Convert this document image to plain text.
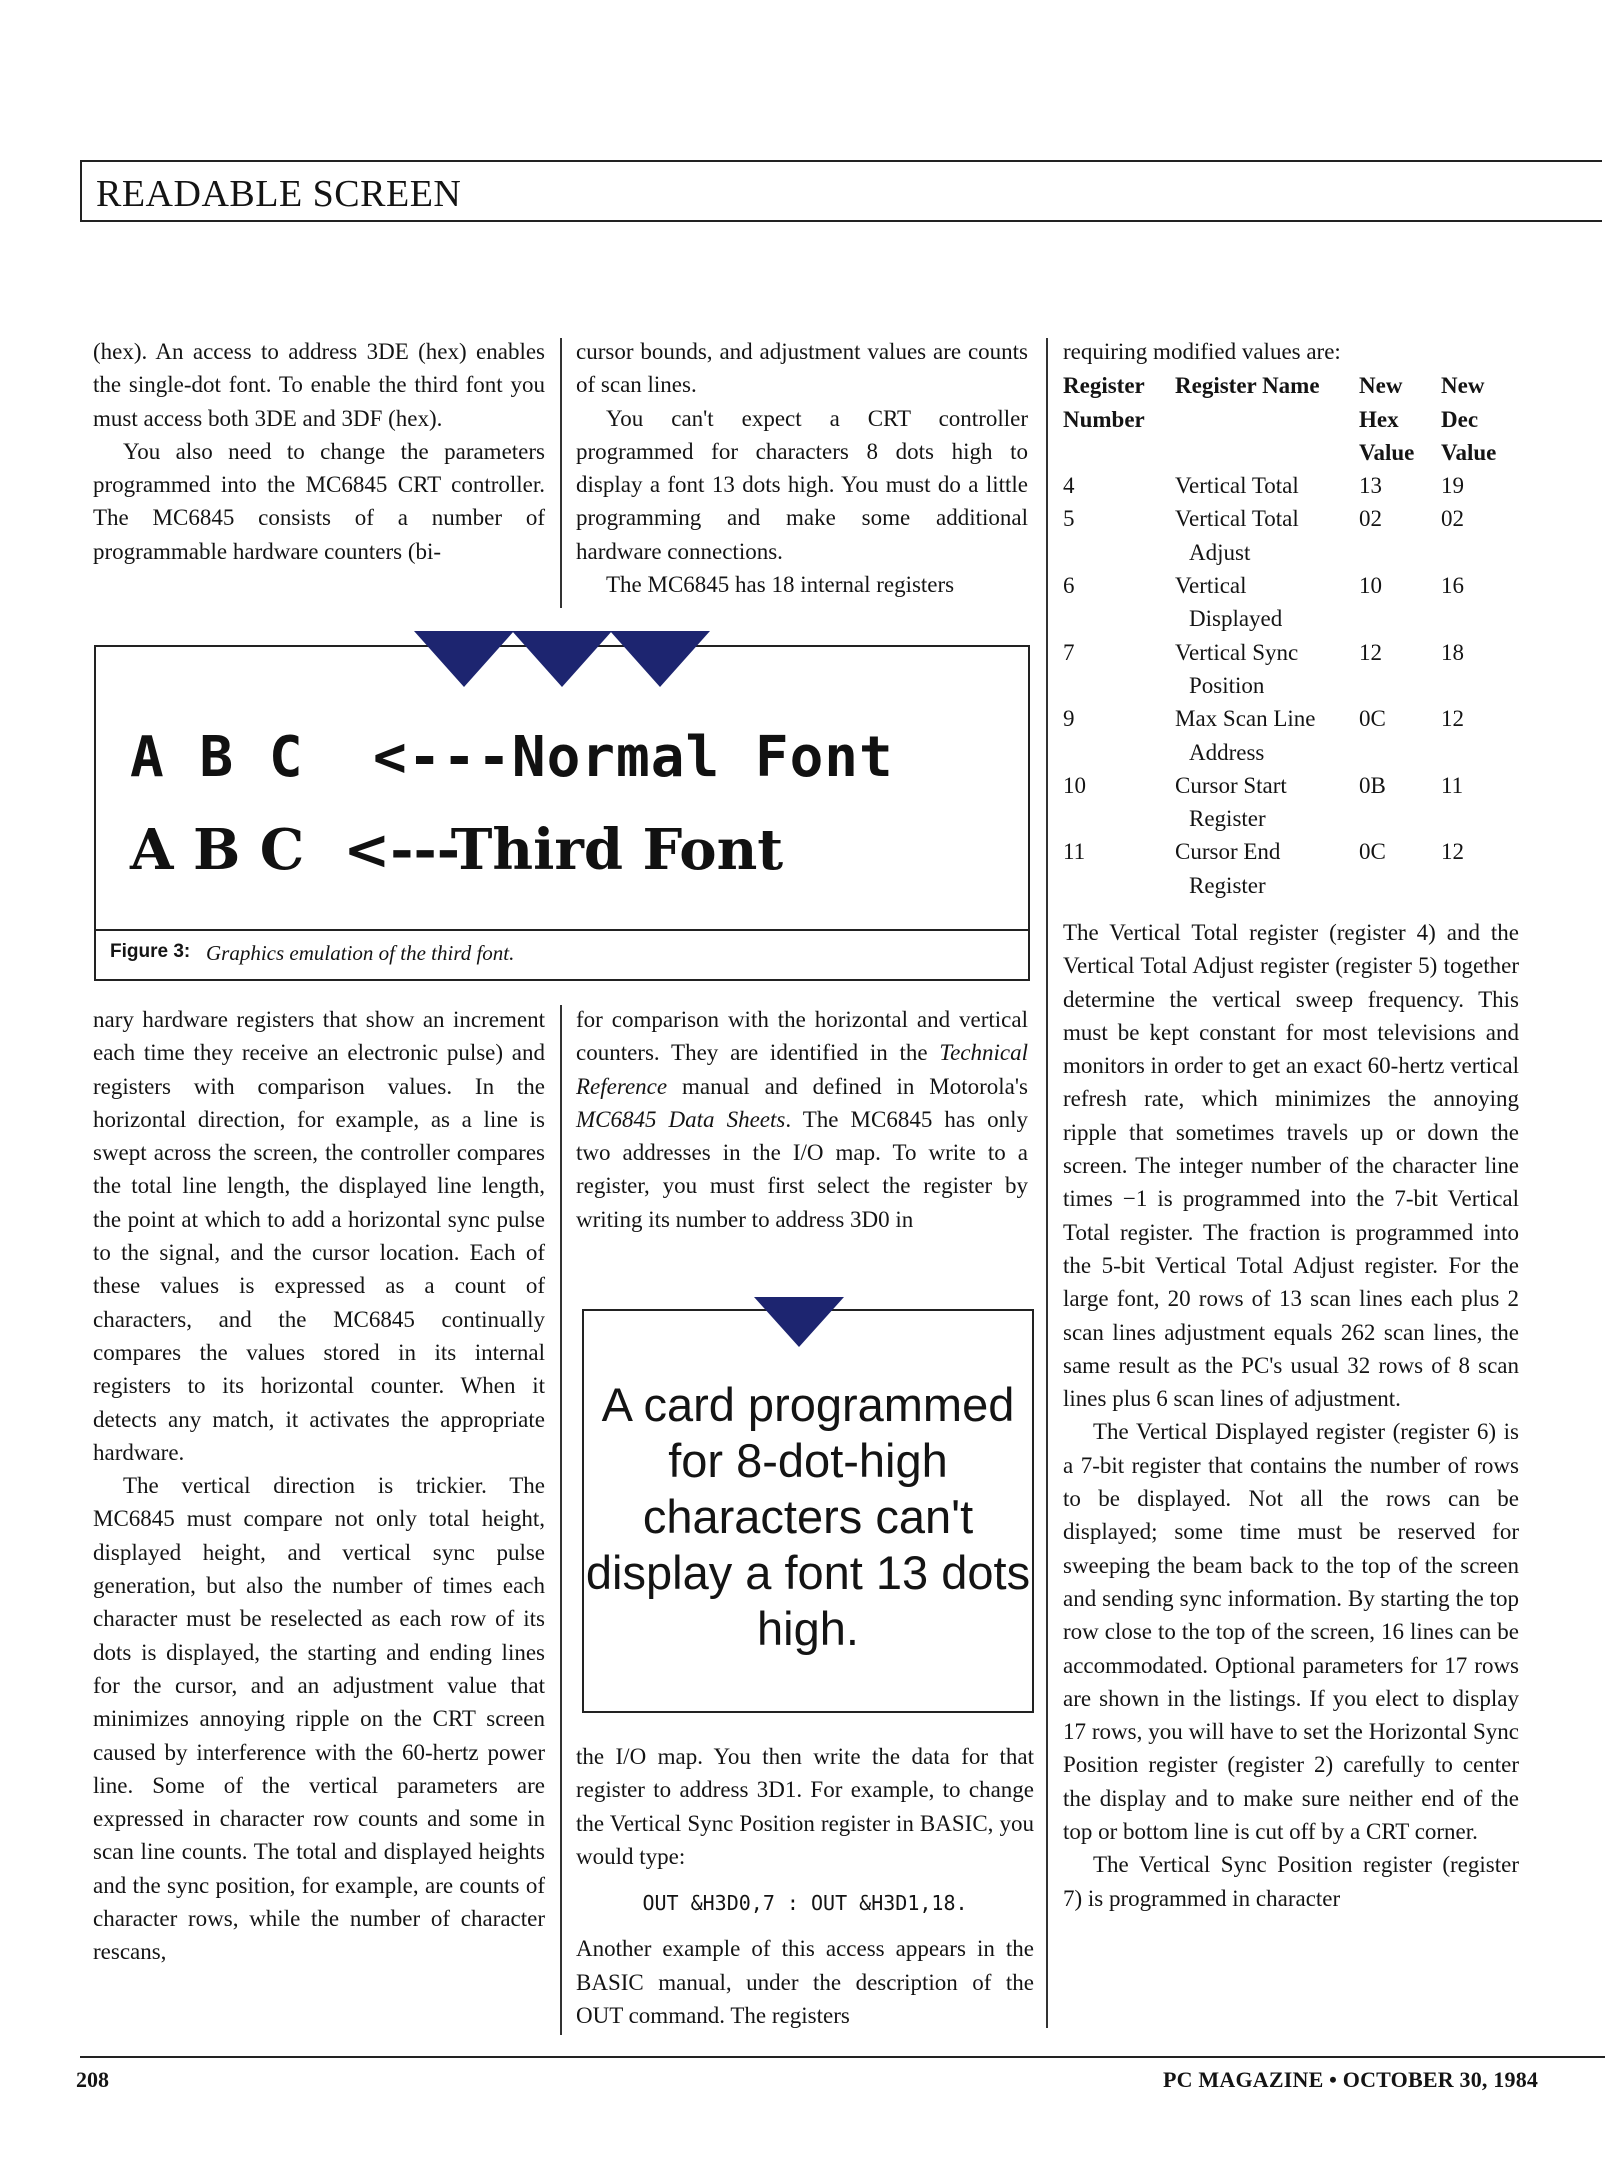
READABLE SCREEN

(hex). An access to address 3DE (hex) enables the single-dot font. To enable the third font you must access both 3DE and 3DF (hex).

You also need to change the parameters programmed into the MC6845 CRT controller. The MC6845 consists of a number of programmable hardware counters (bi-

cursor bounds, and adjustment values are counts of scan lines.

You can't expect a CRT controller programmed for characters 8 dots high to display a font 13 dots high. You must do a little programming and make some additional hardware connections.

The MC6845 has 18 internal registers

A B C  <---Normal Font
A B C  <---Third Font
Figure 3: Graphics emulation of the third font.

nary hardware registers that show an increment each time they receive an electronic pulse) and registers with comparison values. In the horizontal direction, for example, as a line is swept across the screen, the controller compares the total line length, the displayed line length, the point at which to add a horizontal sync pulse to the signal, and the cursor location. Each of these values is expressed as a count of characters, and the MC6845 continually compares the values stored in its internal registers to its horizontal counter. When it detects any match, it activates the appropriate hardware.

The vertical direction is trickier. The MC6845 must compare not only total height, displayed height, and vertical sync pulse generation, but also the number of times each character must be reselected as each row of its dots is displayed, the starting and ending lines for the cursor, and an adjustment value that minimizes annoying ripple on the CRT screen caused by interference with the 60-hertz power line. Some of the vertical parameters are expressed in character row counts and some in scan line counts. The total and displayed heights and the sync position, for example, are counts of character rows, while the number of character rescans,

for comparison with the horizontal and vertical counters. They are identified in the Technical Reference manual and defined in Motorola's MC6845 Data Sheets. The MC6845 has only two addresses in the I/O map. To write to a register, you must first select the register by writing its number to address 3D0 in

A card programmed for 8-dot-high characters can't display a font 13 dots high.

the I/O map. You then write the data for that register to address 3D1. For example, to change the Vertical Sync Position register in BASIC, you would type:

OUT &H3D0,7 : OUT &H3D1,18.

Another example of this access appears in the BASIC manual, under the description of the OUT command. The registers

requiring modified values are:

Register Number	Register Name	New Hex Value	New Dec Value
4	Vertical Total	13	19
5	Vertical Total
Adjust	02	02
6	Vertical
Displayed	10	16
7	Vertical Sync
Position	12	18
9	Max Scan Line
Address	0C	12
10	Cursor Start
Register	0B	11
11	Cursor End
Register	0C	12

The Vertical Total register (register 4) and the Vertical Total Adjust register (register 5) together determine the vertical sweep frequency. This must be kept constant for most televisions and monitors in order to get an exact 60-hertz vertical refresh rate, which minimizes the annoying ripple that sometimes travels up or down the screen. The integer number of the character line times −1 is programmed into the 7-bit Vertical Total register. The fraction is programmed into the 5-bit Vertical Total Adjust register. For the large font, 20 rows of 13 scan lines each plus 2 scan lines adjustment equals 262 scan lines, the same result as the PC's usual 32 rows of 8 scan lines plus 6 scan lines of adjustment.

The Vertical Displayed register (register 6) is a 7-bit register that contains the number of rows to be displayed. Not all the rows can be displayed; some time must be reserved for sweeping the beam back to the top of the screen and sending sync information. By starting the top row close to the top of the screen, 16 lines can be accommodated. Optional parameters for 17 rows are shown in the listings. If you elect to display 17 rows, you will have to set the Horizontal Sync Position register (register 2) carefully to center the display and to make sure neither end of the top or bottom line is cut off by a CRT corner.

The Vertical Sync Position register (register 7) is programmed in character

208	PC MAGAZINE • OCTOBER 30, 1984
